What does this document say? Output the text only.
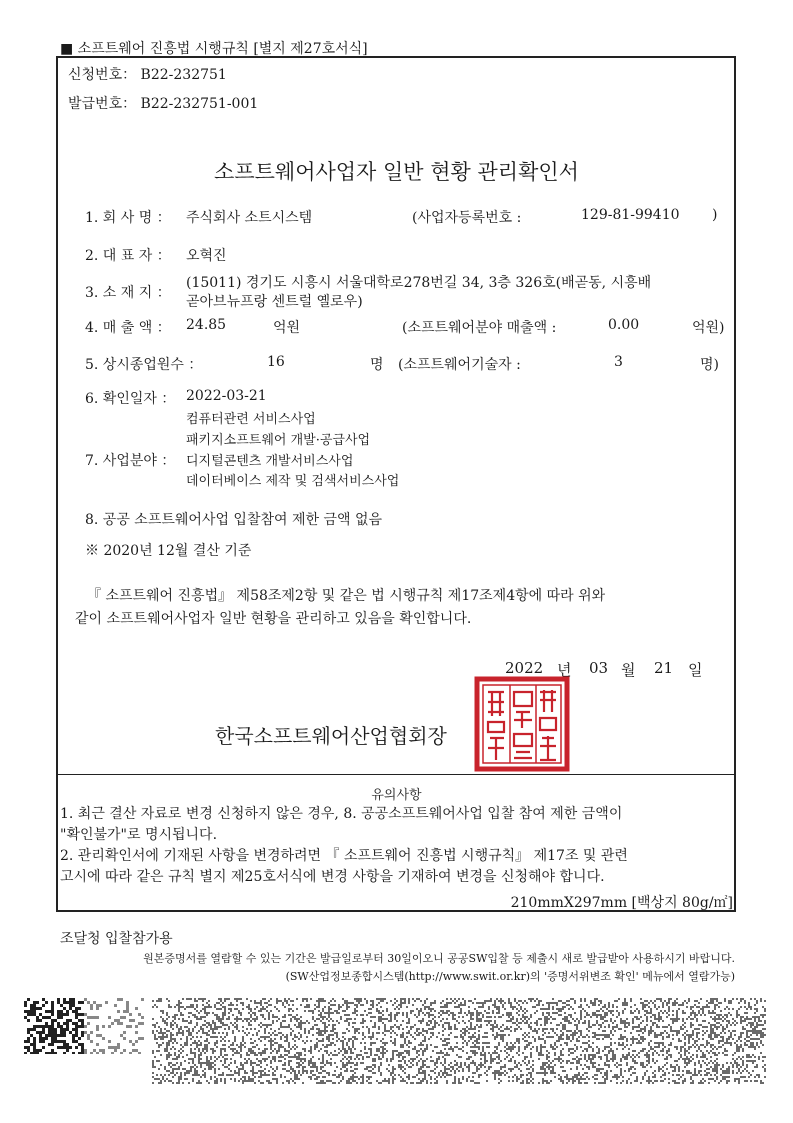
■ 소프트웨어 진흥법 시행규칙 [별지 제27호서식]
신청번호： B22-232751
발급번호： B22-232751-001
소프트웨어사업자 일반 현황 관리확인서
1. 회 사 명 ： 주식회사 소트시스템	(사업자등록번호 :	129-81-99410 )
2. 대 표 자 ： 오혁진
3. 소 재 지 ：
(15011) 경기도 시흥시 서울대학로278번길 34, 3층 326호(배곧동, 시흥배
곧아브뉴프랑 센트럴 옐로우)
4. 매 출 액 ： 24.85	억원	(소프트웨어분야 매출액 :	0.00	억원)
5. 상시종업원수 ：	16	명 (소프트웨어기술자 :	3	명)
6. 확인일자 ： 2022-03-21
7. 사업분야 ：
컴퓨터관련 서비스사업
패키지소프트웨어 개발·공급사업
디지털콘텐츠 개발서비스사업
데이터베이스 제작 및 검색서비스사업
8. 공공 소프트웨어사업 입찰참여 제한 금액 없음
※ 2020년 12월 결산 기준
『 소프트웨어 진흥법』 제58조제2항 및 같은 법 시행규칙 제17조제4항에 따라 위와
같이 소프트웨어사업자 일반 현황을 관리하고 있음을 확인합니다.
2022 년 03 월 21 일
한국소프트웨어산업협회장
유의사항
1. 최근 결산 자료로 변경 신청하지 않은 경우, 8. 공공소프트웨어사업 입찰 참여 제한 금액이
"확인불가"로 명시됩니다.
2. 관리확인서에 기재된 사항을 변경하려면 『 소프트웨어 진흥법 시행규칙』 제17조 및 관련
고시에 따라 같은 규칙 별지 제25호서식에 변경 사항을 기재하여 변경을 신청해야 합니다.
210mmX297mm [백상지 80g/㎡]
조달청 입찰참가용
원본증명서를 열람할 수 있는 기간은 발급일로부터 30일이오니 공공SW입찰 등 제출시 새로 발급받아 사용하시기 바랍니다.
(SW산업정보종합시스템(http://www.swit.or.kr)의 '증명서위변조 확인' 메뉴에서 열람가능)
